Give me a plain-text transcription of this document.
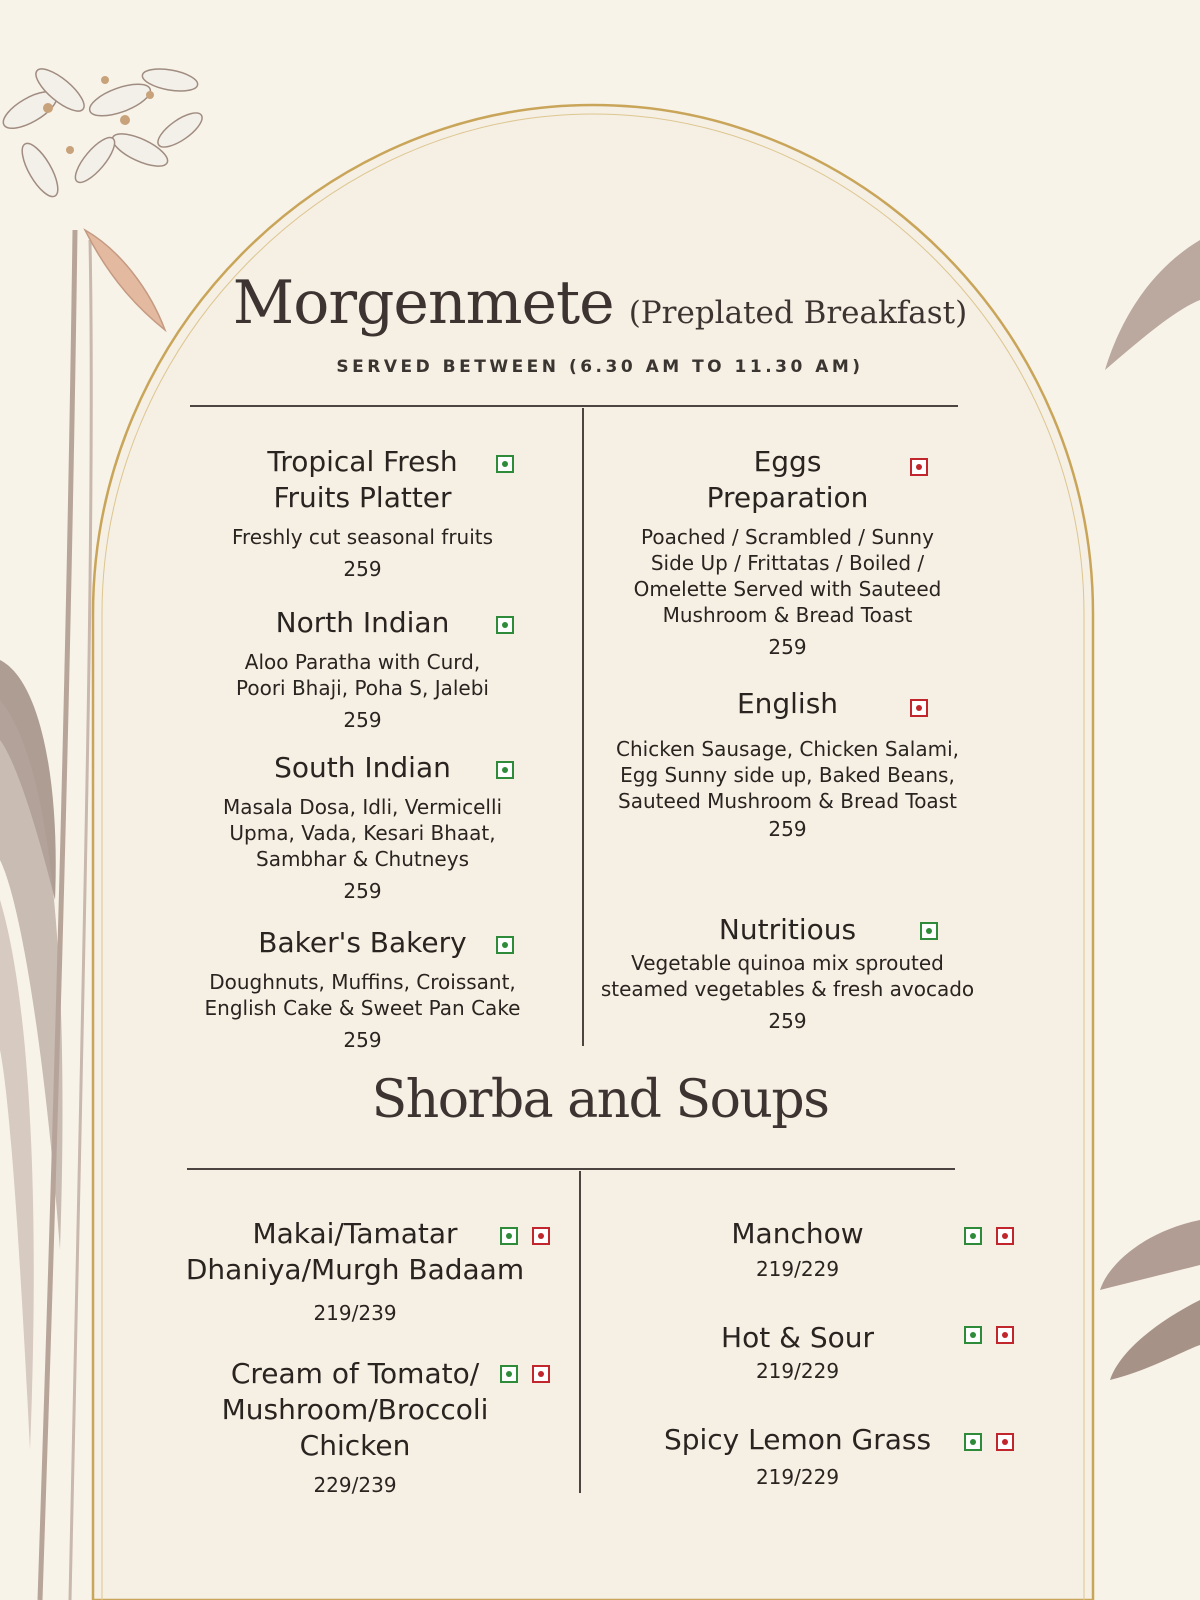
Morgenmete (Preplated Breakfast)
SERVED BETWEEN (6.30 AM TO 11.30 AM)
Tropical Fresh
Fruits Platter
Freshly cut seasonal fruits
259
North Indian
Aloo Paratha with Curd,
Poori Bhaji, Poha S, Jalebi
259
South Indian
Masala Dosa, Idli, Vermicelli
Upma, Vada, Kesari Bhaat,
Sambhar & Chutneys
259
Baker's Bakery
Doughnuts, Muffins, Croissant,
English Cake & Sweet Pan Cake
259
Eggs
Preparation
Poached / Scrambled / Sunny
Side Up / Frittatas / Boiled /
Omelette Served with Sauteed
Mushroom & Bread Toast
259
English
Chicken Sausage, Chicken Salami,
Egg Sunny side up, Baked Beans,
Sauteed Mushroom & Bread Toast
259
Nutritious
Vegetable quinoa mix sprouted
steamed vegetables & fresh avocado
259
Shorba and Soups
Makai/Tamatar
Dhaniya/Murgh Badaam
219/239
Cream of Tomato/
Mushroom/Broccoli
Chicken
229/239
Manchow
219/229
Hot & Sour
219/229
Spicy Lemon Grass
219/229
